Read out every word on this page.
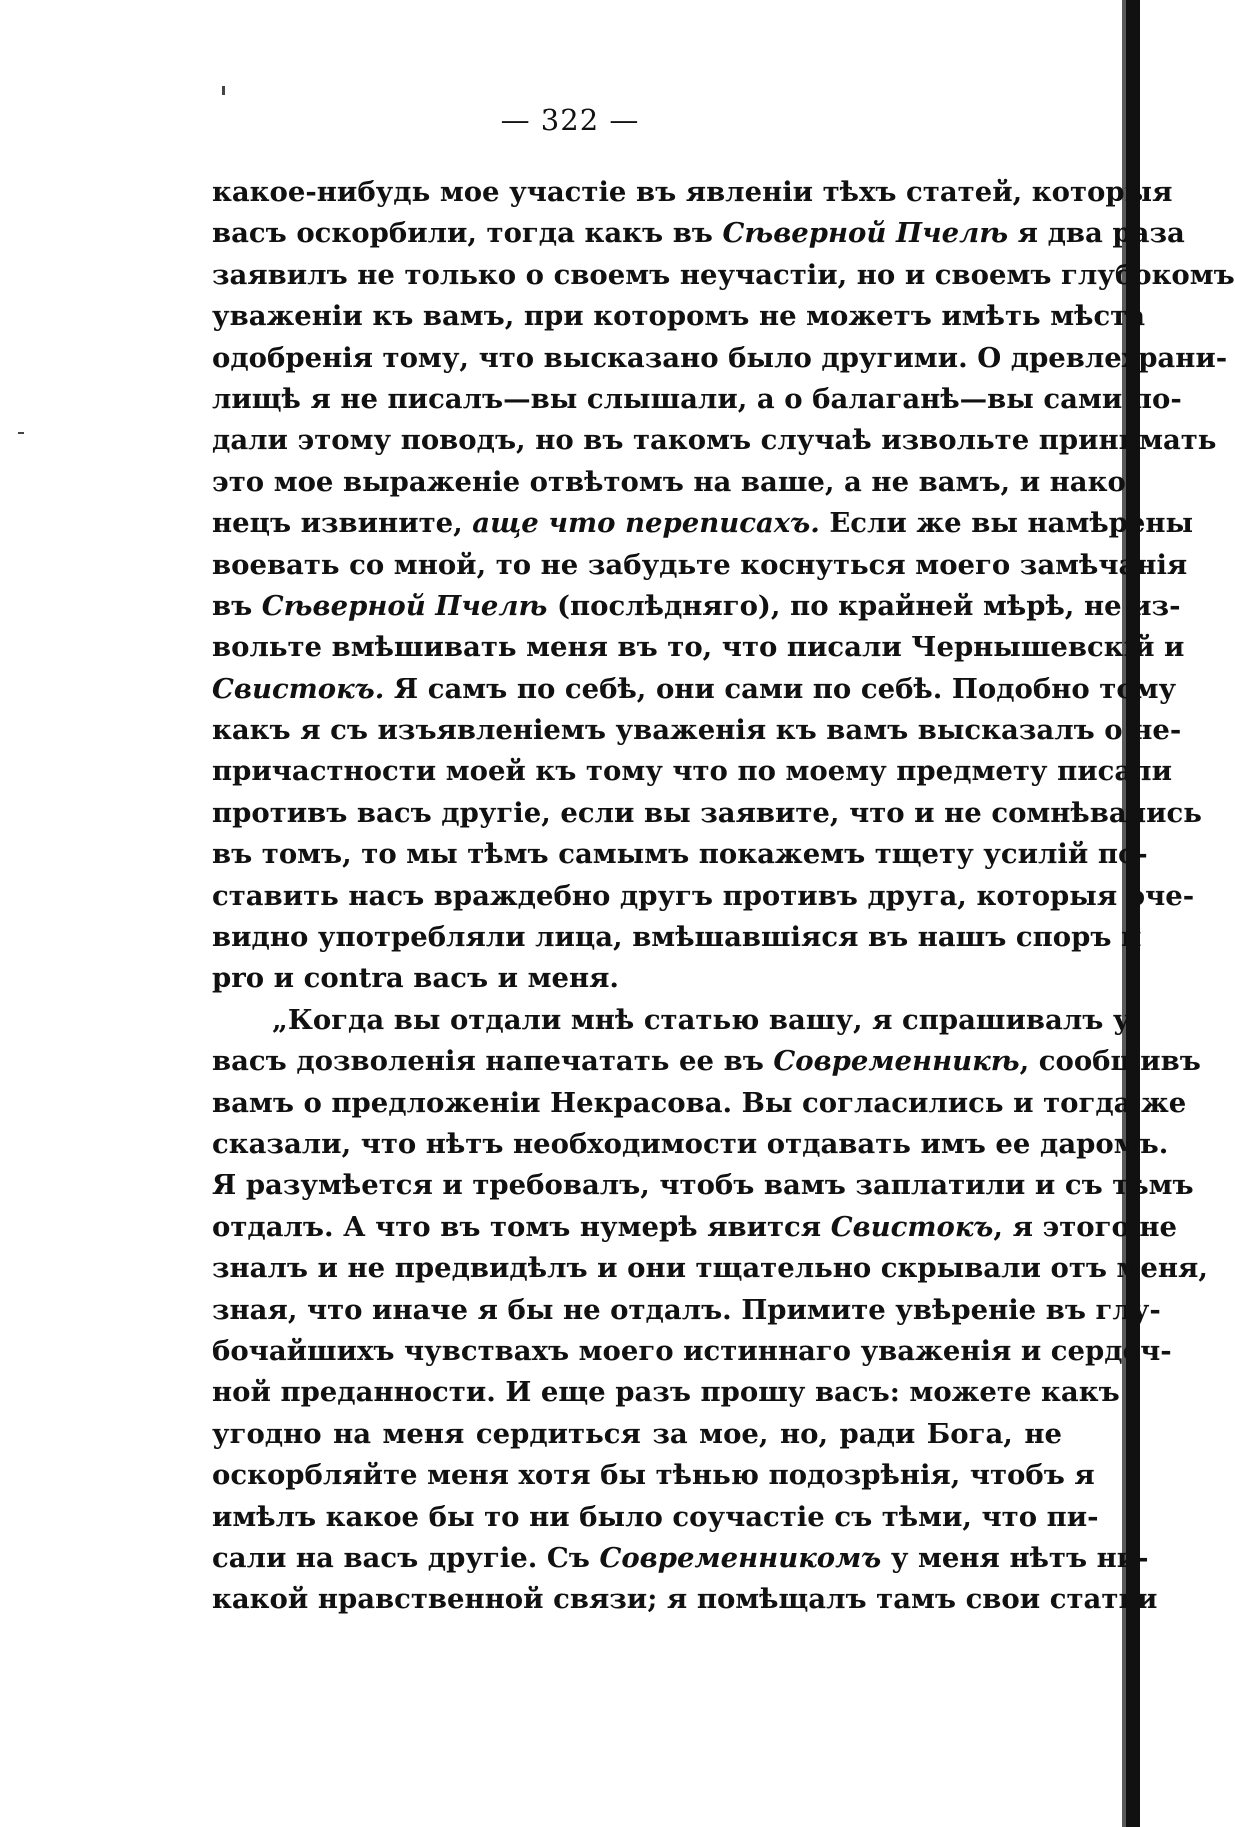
— 322 —
какое-нибудь мое участіе въ явленіи тѣхъ статей, которыя
васъ оскорбили, тогда какъ въ Сѣверной Пчелѣ я два раза
заявилъ не только о своемъ неучастіи, но и своемъ глубокомъ
уваженіи къ вамъ, при которомъ не можетъ имѣть мѣста
одобренія тому, что высказано было другими. О древлехрани-
лищѣ я не писалъ—вы слышали, а о балаганѣ—вы сами по-
дали этому поводъ, но въ такомъ случаѣ извольте принимать
это мое выраженіе отвѣтомъ на ваше, а не вамъ, и нако-
нецъ извините, аще что переписахъ. Если же вы намѣрены
воевать со мной, то не забудьте коснуться моего замѣчанія
въ Сѣверной Пчелѣ (послѣдняго), по крайней мѣрѣ, не из-
вольте вмѣшивать меня въ то, что писали Чернышевскій и
Свистокъ. Я самъ по себѣ, они сами по себѣ. Подобно тому
какъ я съ изъявленіемъ уваженія къ вамъ высказалъ о не-
причастности моей къ тому что по моему предмету писали
противъ васъ другіе, если вы заявите, что и не сомнѣвались
въ томъ, то мы тѣмъ самымъ покажемъ тщету усилій по-
ставить насъ враждебно другъ противъ друга, которыя оче-
видно употребляли лица, вмѣшавшіяся въ нашъ споръ и
pro и contra васъ и меня.
„Когда вы отдали мнѣ статью вашу, я спрашивалъ у
васъ дозволенія напечатать ее въ Современникѣ, сообщивъ
вамъ о предложеніи Некрасова. Вы согласились и тогда же
сказали, что нѣтъ необходимости отдавать имъ ее даромъ.
Я разумѣется и требовалъ, чтобъ вамъ заплатили и съ тѣмъ
отдалъ. А что въ томъ нумерѣ явится Свистокъ, я этого не
зналъ и не предвидѣлъ и они тщательно скрывали отъ меня,
зная, что иначе я бы не отдалъ. Примите увѣреніе въ глу-
бочайшихъ чувствахъ моего истиннаго уваженія и сердеч-
ной преданности. И еще разъ прошу васъ: можете какъ
угодно на меня сердиться за мое, но, ради Бога, не
оскорбляйте меня хотя бы тѣнью подозрѣнія, чтобъ я
имѣлъ какое бы то ни было соучастіе съ тѣми, что пи-
сали на васъ другіе. Съ Современникомъ у меня нѣтъ ни-
какой нравственной связи; я помѣщалъ тамъ свои статьи
